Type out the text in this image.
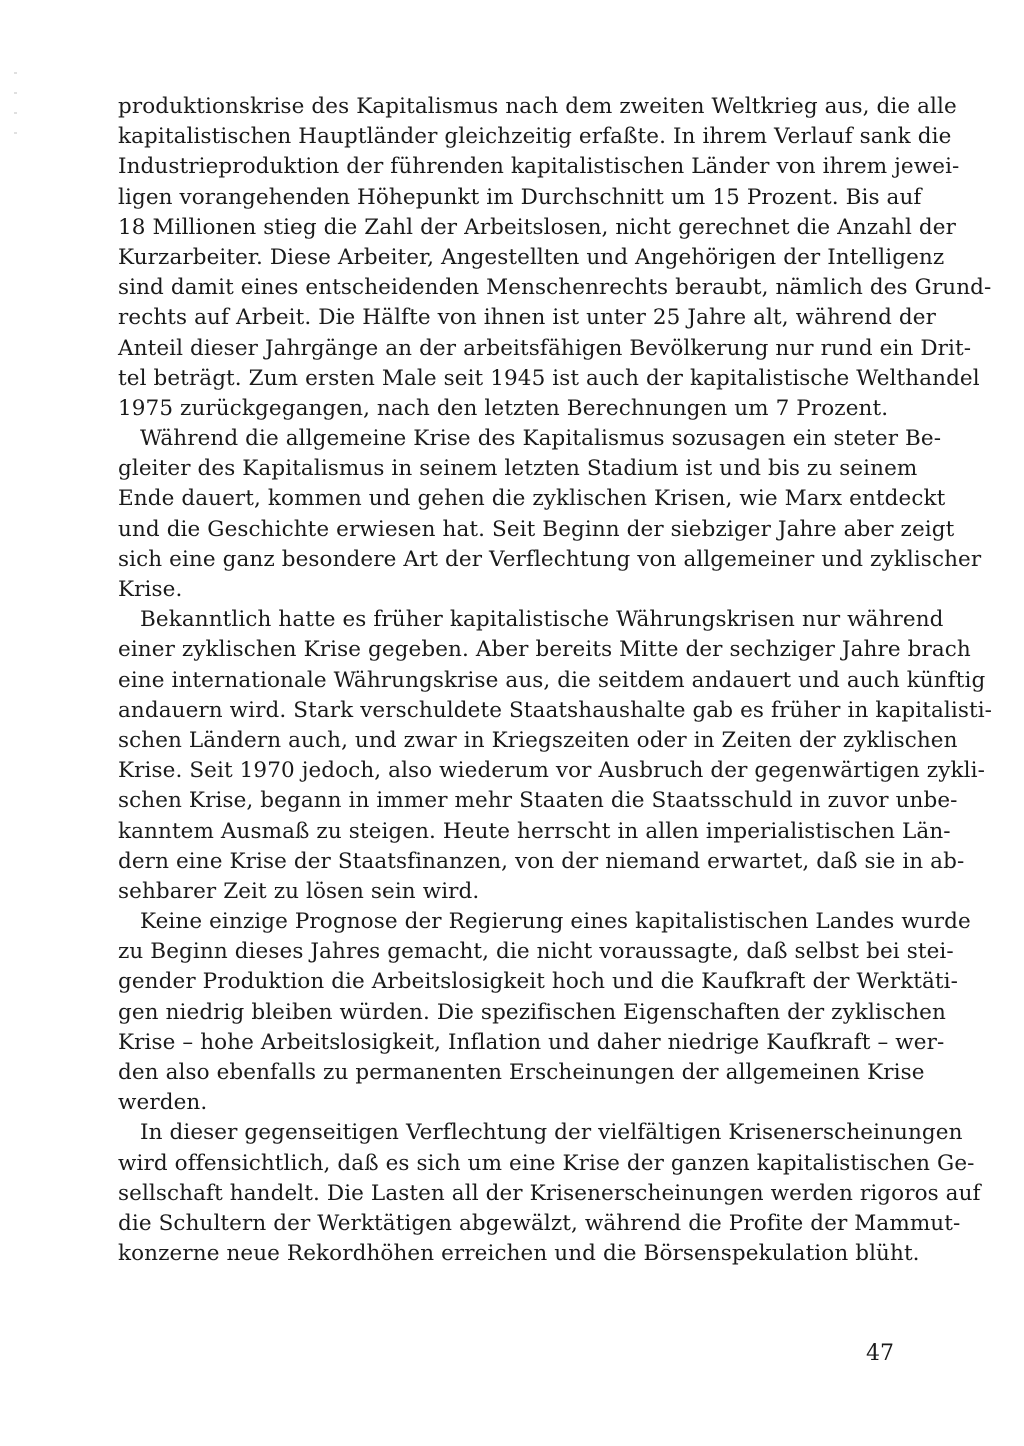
produktionskrise des Kapitalismus nach dem zweiten Weltkrieg aus, die alle
kapitalistischen Hauptländer gleichzeitig erfaßte. In ihrem Verlauf sank die
Industrieproduktion der führenden kapitalistischen Länder von ihrem jewei-
ligen vorangehenden Höhepunkt im Durchschnitt um 15 Prozent. Bis auf
18 Millionen stieg die Zahl der Arbeitslosen, nicht gerechnet die Anzahl der
Kurzarbeiter. Diese Arbeiter, Angestellten und Angehörigen der Intelligenz
sind damit eines entscheidenden Menschenrechts beraubt, nämlich des Grund-
rechts auf Arbeit. Die Hälfte von ihnen ist unter 25 Jahre alt, während der
Anteil dieser Jahrgänge an der arbeitsfähigen Bevölkerung nur rund ein Drit-
tel beträgt. Zum ersten Male seit 1945 ist auch der kapitalistische Welthandel
1975 zurückgegangen, nach den letzten Berechnungen um 7 Prozent.
Während die allgemeine Krise des Kapitalismus sozusagen ein steter Be-
gleiter des Kapitalismus in seinem letzten Stadium ist und bis zu seinem
Ende dauert, kommen und gehen die zyklischen Krisen, wie Marx entdeckt
und die Geschichte erwiesen hat. Seit Beginn der siebziger Jahre aber zeigt
sich eine ganz besondere Art der Verflechtung von allgemeiner und zyklischer
Krise.
Bekanntlich hatte es früher kapitalistische Währungskrisen nur während
einer zyklischen Krise gegeben. Aber bereits Mitte der sechziger Jahre brach
eine internationale Währungskrise aus, die seitdem andauert und auch künftig
andauern wird. Stark verschuldete Staatshaushalte gab es früher in kapitalisti-
schen Ländern auch, und zwar in Kriegszeiten oder in Zeiten der zyklischen
Krise. Seit 1970 jedoch, also wiederum vor Ausbruch der gegenwärtigen zykli-
schen Krise, begann in immer mehr Staaten die Staatsschuld in zuvor unbe-
kanntem Ausmaß zu steigen. Heute herrscht in allen imperialistischen Län-
dern eine Krise der Staatsfinanzen, von der niemand erwartet, daß sie in ab-
sehbarer Zeit zu lösen sein wird.
Keine einzige Prognose der Regierung eines kapitalistischen Landes wurde
zu Beginn dieses Jahres gemacht, die nicht voraussagte, daß selbst bei stei-
gender Produktion die Arbeitslosigkeit hoch und die Kaufkraft der Werktäti-
gen niedrig bleiben würden. Die spezifischen Eigenschaften der zyklischen
Krise – hohe Arbeitslosigkeit, Inflation und daher niedrige Kaufkraft – wer-
den also ebenfalls zu permanenten Erscheinungen der allgemeinen Krise
werden.
In dieser gegenseitigen Verflechtung der vielfältigen Krisenerscheinungen
wird offensichtlich, daß es sich um eine Krise der ganzen kapitalistischen Ge-
sellschaft handelt. Die Lasten all der Krisenerscheinungen werden rigoros auf
die Schultern der Werktätigen abgewälzt, während die Profite der Mammut-
konzerne neue Rekordhöhen erreichen und die Börsenspekulation blüht.
47
